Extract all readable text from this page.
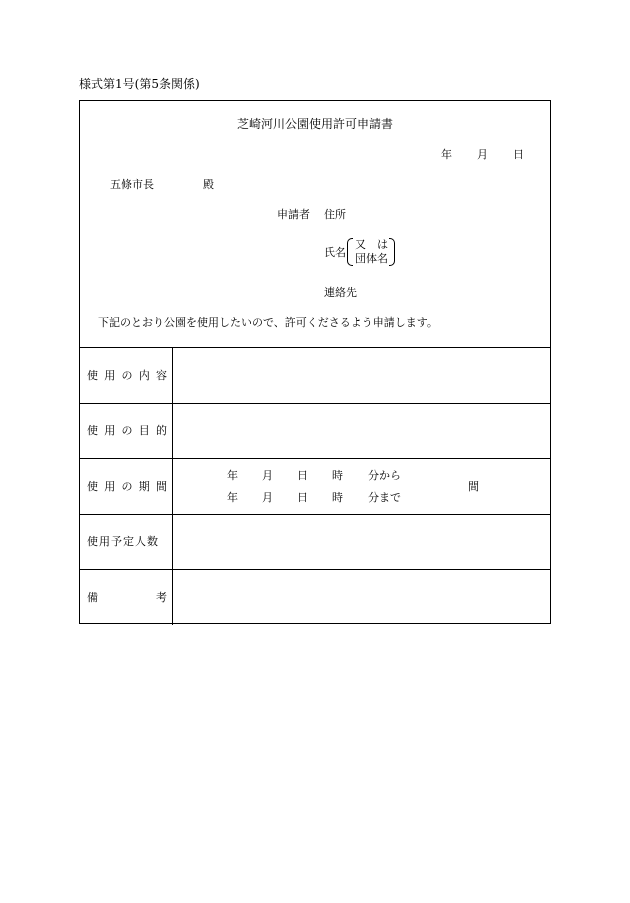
様式第1号(第5条関係)
芝崎河川公園使用許可申請書
年 月 日
五條市長	殿
申請者 住所
氏名
又　は
団体名
連絡先
下記のとおり公園を使用したいので、許可くださるよう申請します。
使 用 の 内 容
使 用 の 目 的
使 用 の 期 間
使用予定人数
備	考
年 月 日 時 分から
年 月 日 時 分まで
間
